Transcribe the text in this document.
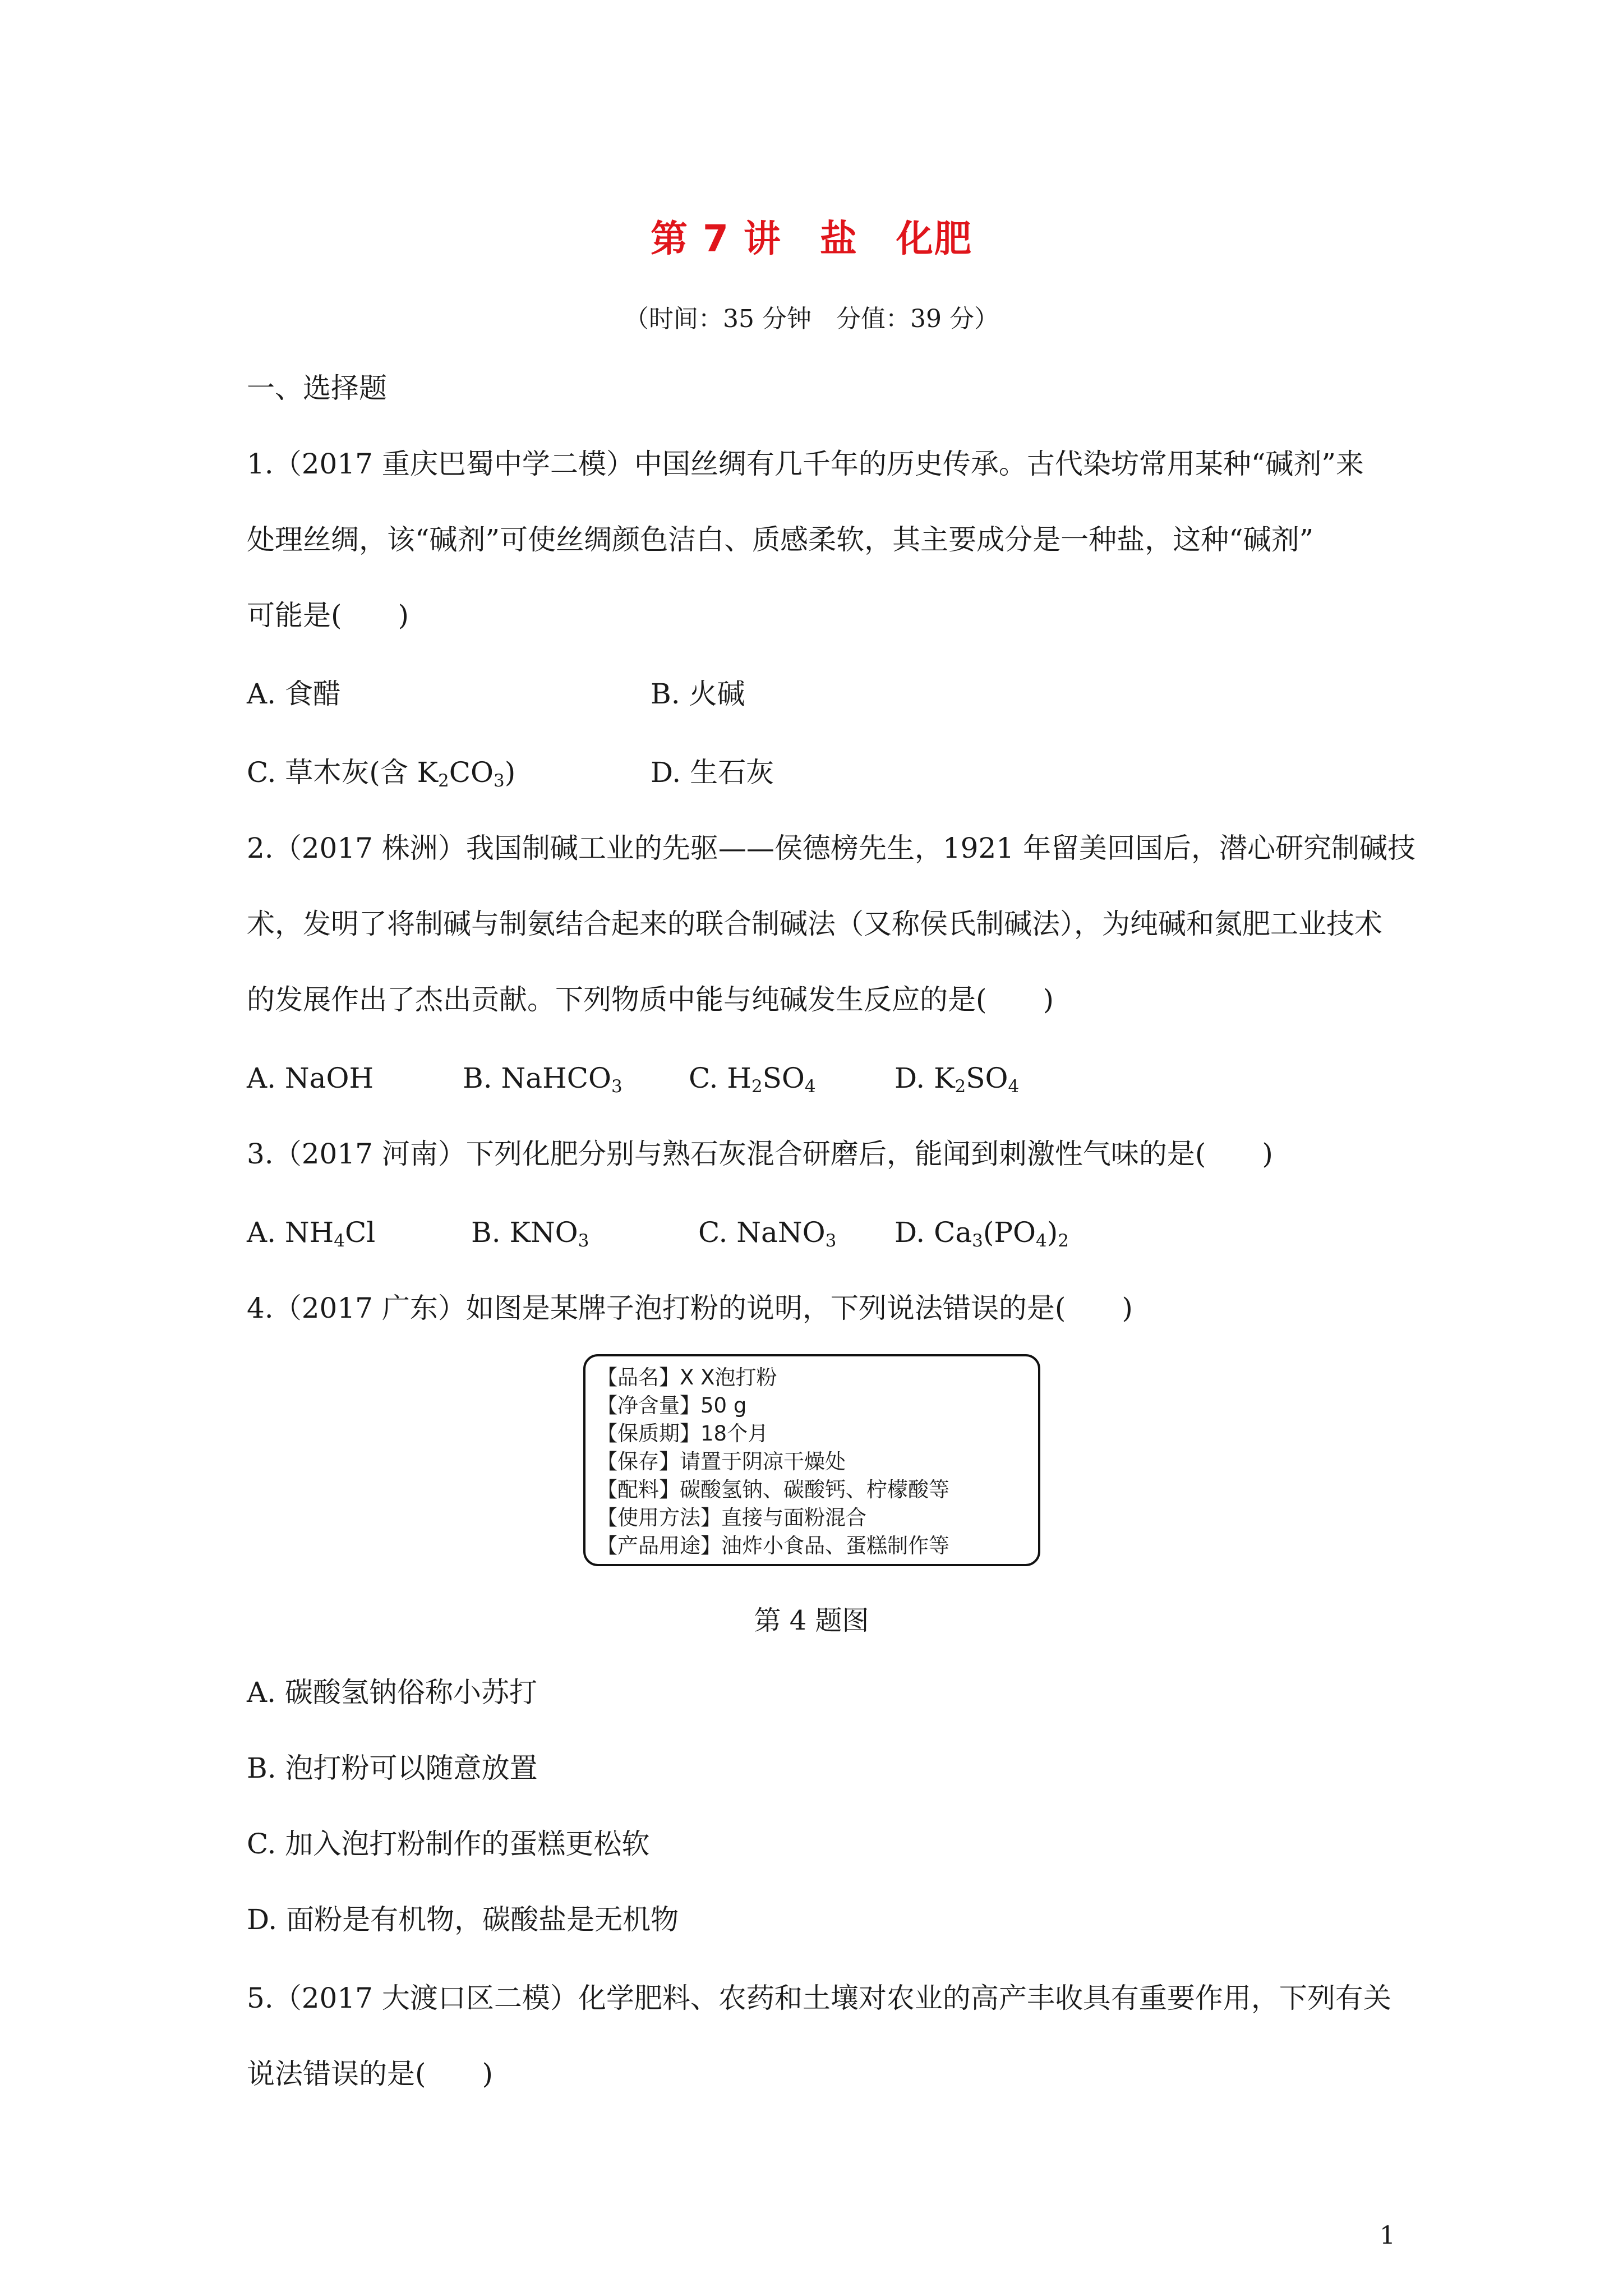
第 7 讲　盐　化肥
（时间：35 分钟　分值：39 分）
一、选择题
1.（2017 重庆巴蜀中学二模）中国丝绸有几千年的历史传承。古代染坊常用某种“碱剂”来
处理丝绸，该“碱剂”可使丝绸颜色洁白、质感柔软，其主要成分是一种盐，这种“碱剂”
可能是(　　)
A. 食醋	B. 火碱
C. 草木灰(含 $K_2CO_3$)	D. 生石灰
2.（2017 株洲）我国制碱工业的先驱——侯德榜先生，1921 年留美回国后，潜心研究制碱技
术，发明了将制碱与制氨结合起来的联合制碱法（又称侯氏制碱法），为纯碱和氮肥工业技术
的发展作出了杰出贡献。下列物质中能与纯碱发生反应的是(　　)
A. NaOH	B. NaHCO$_3$ C. $H_2SO_4$	D. $K_2SO_4$
3.（2017 河南）下列化肥分别与熟石灰混合研磨后，能闻到刺激性气味的是(　　)
A. $NH_4Cl$	B. $KNO_3$	C. NaNO$_3$ D. $Ca_3(PO_4)_2$
4.（2017 广东）如图是某牌子泡打粉的说明，下列说法错误的是(　　)
【品名】X X泡打粉
【净含量】50 g
【保质期】18个月
【保存】请置于阴凉干燥处
【配料】碳酸氢钠、碳酸钙、柠檬酸等
【使用方法】直接与面粉混合
【产品用途】油炸小食品、蛋糕制作等
第 4 题图
A. 碳酸氢钠俗称小苏打
B. 泡打粉可以随意放置
C. 加入泡打粉制作的蛋糕更松软
D. 面粉是有机物，碳酸盐是无机物
5.（2017 大渡口区二模）化学肥料、农药和土壤对农业的高产丰收具有重要作用，下列有关
说法错误的是(　　)
1
